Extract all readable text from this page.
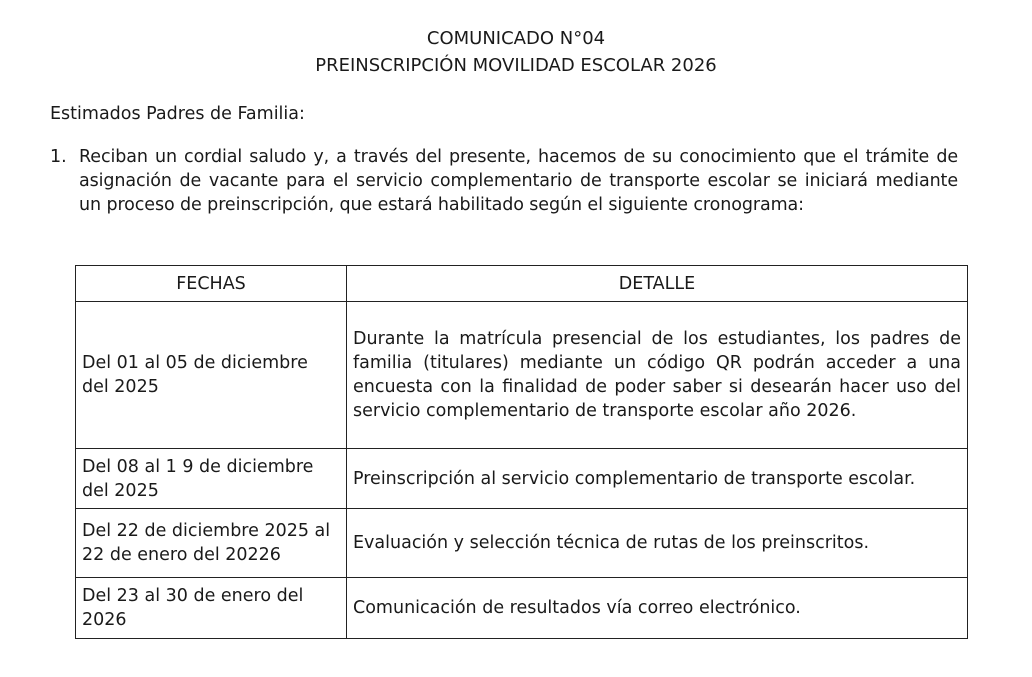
COMUNICADO N°04
PREINSCRIPCIÓN MOVILIDAD ESCOLAR 2026
Estimados Padres de Familia:
1. Reciban un cordial saludo y, a través del presente, hacemos de su conocimiento que el trámite de asignación de vacante para el servicio complementario de transporte escolar se iniciará mediante un proceso de preinscripción, que estará habilitado según el siguiente cronograma:
FECHAS	DETALLE
Del 01 al 05 de diciembre del 2025	Durante la matrícula presencial de los estudiantes, los padres de familia (titulares) mediante un código QR podrán acceder a una encuesta con la finalidad de poder saber si desearán hacer uso del servicio complementario de transporte escolar año 2026.
Del 08 al 1 9 de diciembre del 2025	Preinscripción al servicio complementario de transporte escolar.
Del 22 de diciembre 2025 al 22 de enero del 20226	Evaluación y selección técnica de rutas de los preinscritos.
Del 23 al 30 de enero del 2026	Comunicación de resultados vía correo electrónico.
